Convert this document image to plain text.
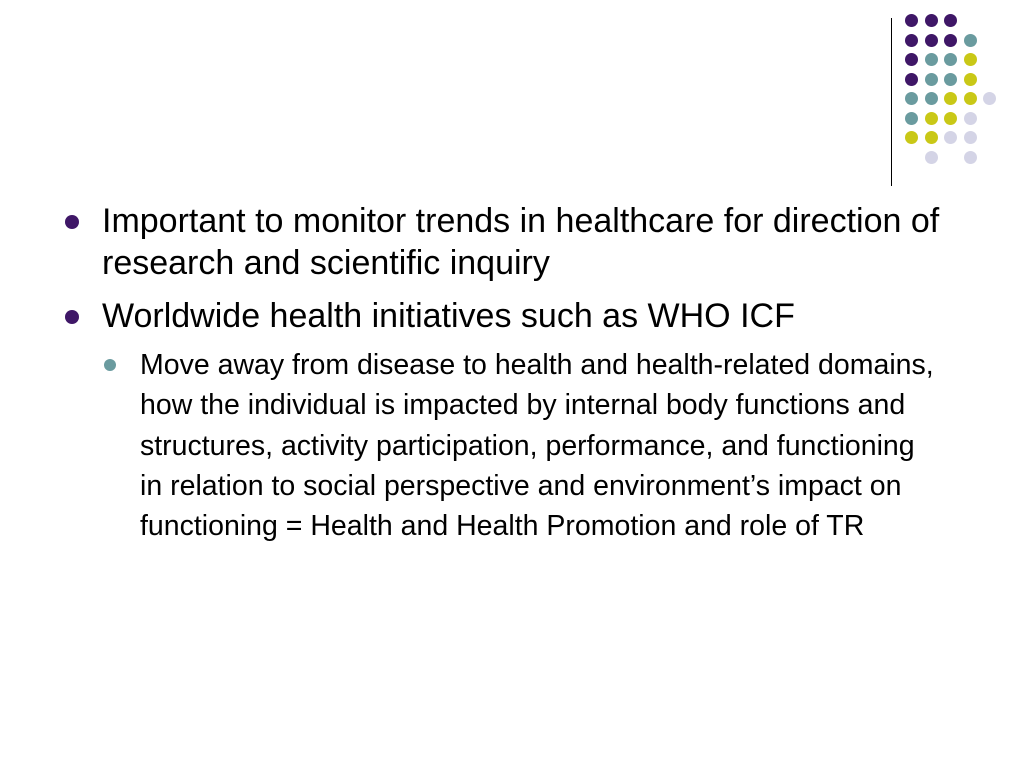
Important to monitor trends in healthcare for direction of research and scientific inquiry
Worldwide health initiatives such as WHO ICF
Move away from disease to health and health-related domains, how the individual is impacted by internal body functions and structures, activity participation, performance, and functioning in relation to social perspective and environment’s impact on functioning = Health and Health Promotion and role of TR
